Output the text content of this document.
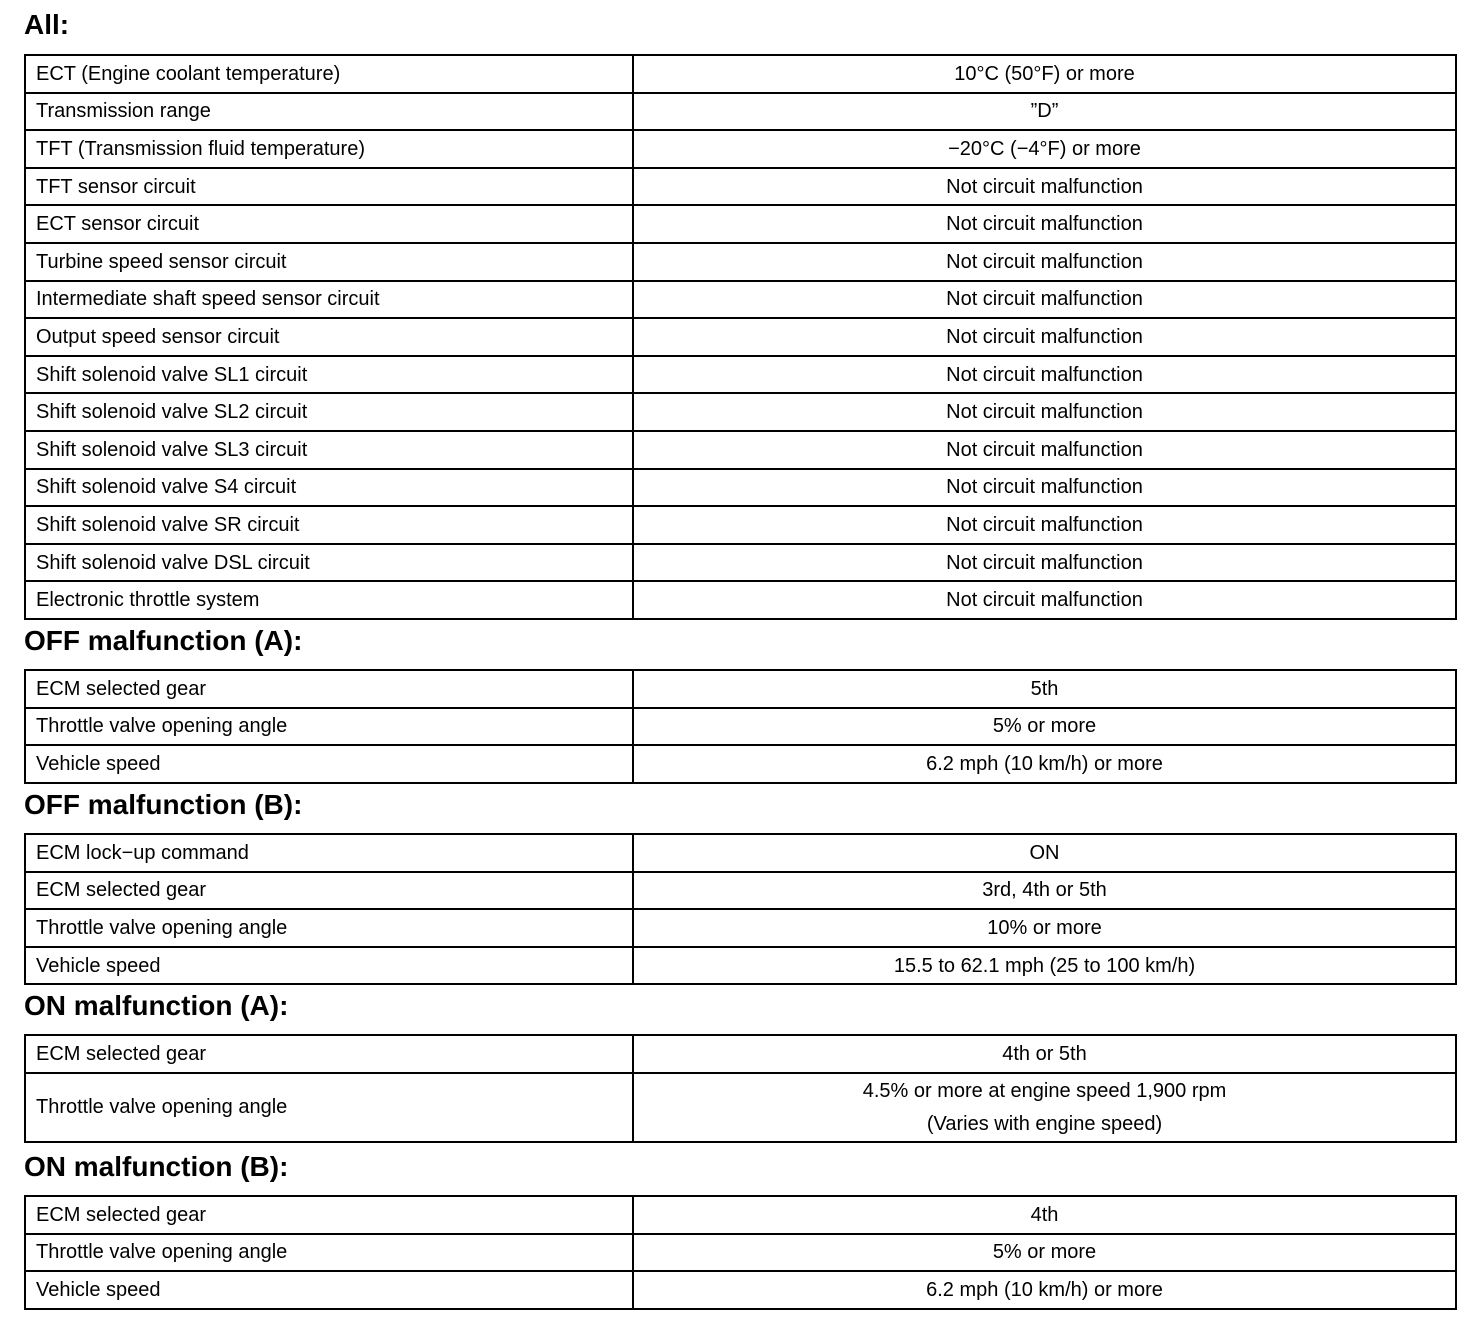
All:
ECT (Engine coolant temperature)	10°C (50°F) or more
Transmission range	”D”
TFT (Transmission fluid temperature)	−20°C (−4°F) or more
TFT sensor circuit	Not circuit malfunction
ECT sensor circuit	Not circuit malfunction
Turbine speed sensor circuit	Not circuit malfunction
Intermediate shaft speed sensor circuit	Not circuit malfunction
Output speed sensor circuit	Not circuit malfunction
Shift solenoid valve SL1 circuit	Not circuit malfunction
Shift solenoid valve SL2 circuit	Not circuit malfunction
Shift solenoid valve SL3 circuit	Not circuit malfunction
Shift solenoid valve S4 circuit	Not circuit malfunction
Shift solenoid valve SR circuit	Not circuit malfunction
Shift solenoid valve DSL circuit	Not circuit malfunction
Electronic throttle system	Not circuit malfunction
OFF malfunction (A):
ECM selected gear	5th
Throttle valve opening angle	5% or more
Vehicle speed	6.2 mph (10 km/h) or more
OFF malfunction (B):
ECM lock−up command	ON
ECM selected gear	3rd, 4th or 5th
Throttle valve opening angle	10% or more
Vehicle speed	15.5 to 62.1 mph (25 to 100 km/h)
ON malfunction (A):
ECM selected gear	4th or 5th
Throttle valve opening angle	4.5% or more at engine speed 1,900 rpm
(Varies with engine speed)
ON malfunction (B):
ECM selected gear	4th
Throttle valve opening angle	5% or more
Vehicle speed	6.2 mph (10 km/h) or more
